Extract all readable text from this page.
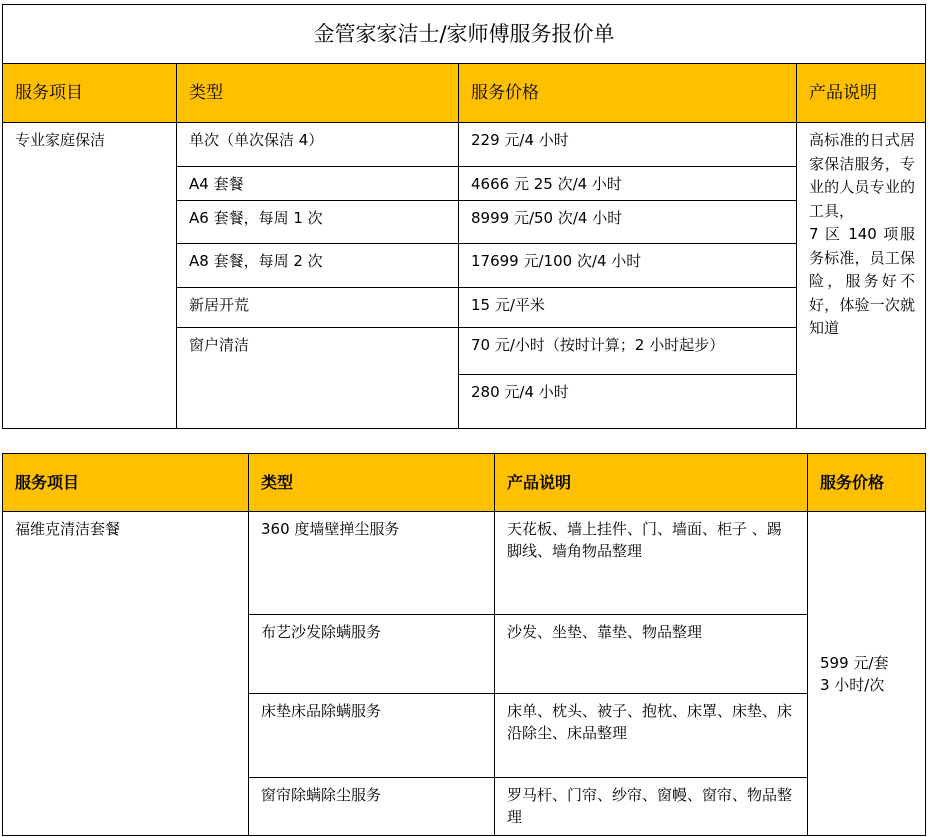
金管家家洁士/家师傅服务报价单			
服务项目	类型	服务价格	产品说明
专业家庭保洁	单次（单次保洁 4）	229 元/4 小时	高标准的日式居家保洁服务，专业的人员专业的工具，
7 区 140 项服务标准，员工保险，服务好不好，体验一次就知道
	A4 套餐	4666 元 25 次/4 小时	
	A6 套餐，每周 1 次	8999 元/50 次/4 小时	
	A8 套餐，每周 2 次	17699 元/100 次/4 小时	
	新居开荒	15 元/平米	
	窗户清洁	70 元/小时（按时计算；2 小时起步）	
		280 元/4 小时	
服务项目	类型	产品说明	服务价格
福维克清洁套餐	360 度墙壁掸尘服务	天花板、墙上挂件、门、墙面、柜子 、踢脚线、墙角物品整理	599 元/套
3 小时/次
	布艺沙发除螨服务	沙发、坐垫、靠垫、物品整理	
	床垫床品除螨服务	床单、枕头、被子、抱枕、床罩、床垫、床沿除尘、床品整理	
	窗帘除螨除尘服务	罗马杆、门帘、纱帘、窗幔、窗帘、物品整理	
